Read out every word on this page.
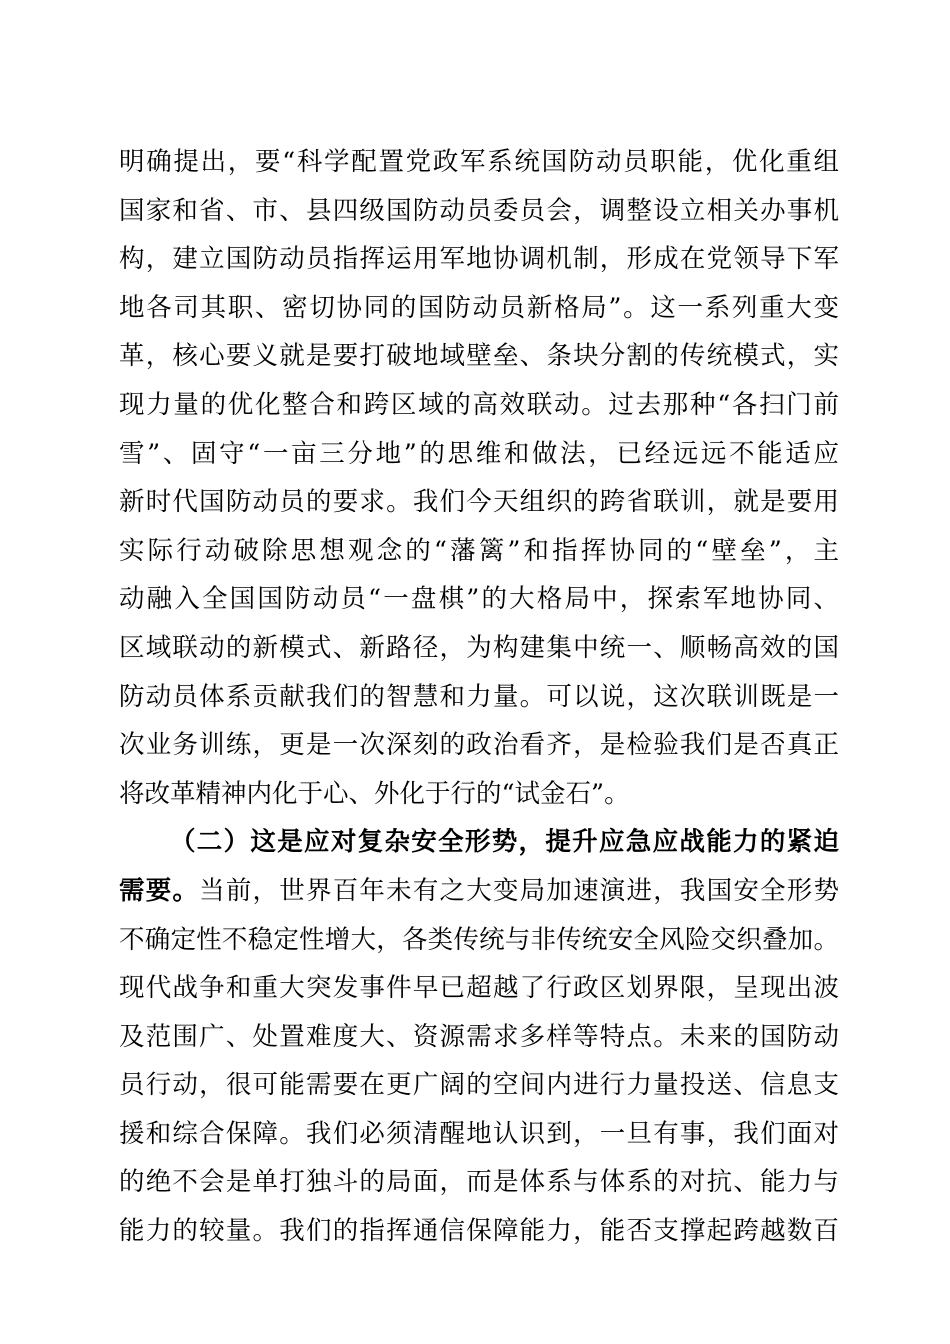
明确提出，要“科学配置党政军系统国防动员职能，优化重组
国家和省、市、县四级国防动员委员会，调整设立相关办事机
构，建立国防动员指挥运用军地协调机制，形成在党领导下军
地各司其职、密切协同的国防动员新格局”。这一系列重大变
革，核心要义就是要打破地域壁垒、条块分割的传统模式，实
现力量的优化整合和跨区域的高效联动。过去那种“各扫门前
雪”、固守“一亩三分地”的思维和做法，已经远远不能适应
新时代国防动员的要求。我们今天组织的跨省联训，就是要用
实际行动破除思想观念的“藩篱”和指挥协同的“壁垒”，主
动融入全国国防动员“一盘棋”的大格局中，探索军地协同、
区域联动的新模式、新路径，为构建集中统一、顺畅高效的国
防动员体系贡献我们的智慧和力量。可以说，这次联训既是一
次业务训练，更是一次深刻的政治看齐，是检验我们是否真正
将改革精神内化于心、外化于行的“试金石”。
（二）这是应对复杂安全形势，提升应急应战能力的紧迫
需要。当前，世界百年未有之大变局加速演进，我国安全形势
不确定性不稳定性增大，各类传统与非传统安全风险交织叠加。
现代战争和重大突发事件早已超越了行政区划界限，呈现出波
及范围广、处置难度大、资源需求多样等特点。未来的国防动
员行动，很可能需要在更广阔的空间内进行力量投送、信息支
援和综合保障。我们必须清醒地认识到，一旦有事，我们面对
的绝不会是单打独斗的局面，而是体系与体系的对抗、能力与
能力的较量。我们的指挥通信保障能力，能否支撑起跨越数百
